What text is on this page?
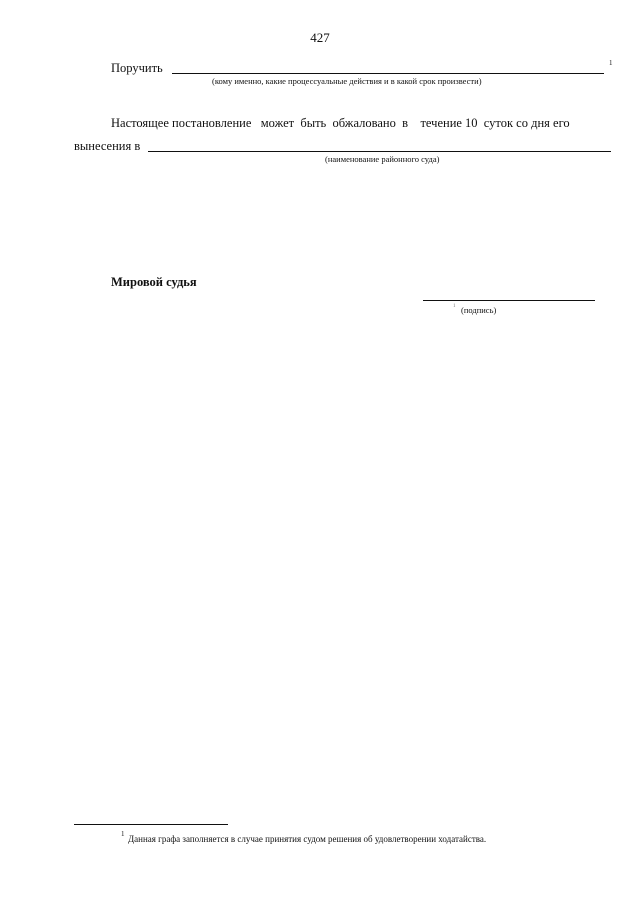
427
Поручить	1
(кому именно, какие процессуальные действия и в какой срок произвести)
Настоящее постановление   может  быть  обжаловано  в    течение 10  суток со дня его
вынесения в
(наименование районного суда)
Мировой судья
1 (подпись)
1 Данная графа заполняется в случае принятия судом решения об удовлетворении ходатайства.
